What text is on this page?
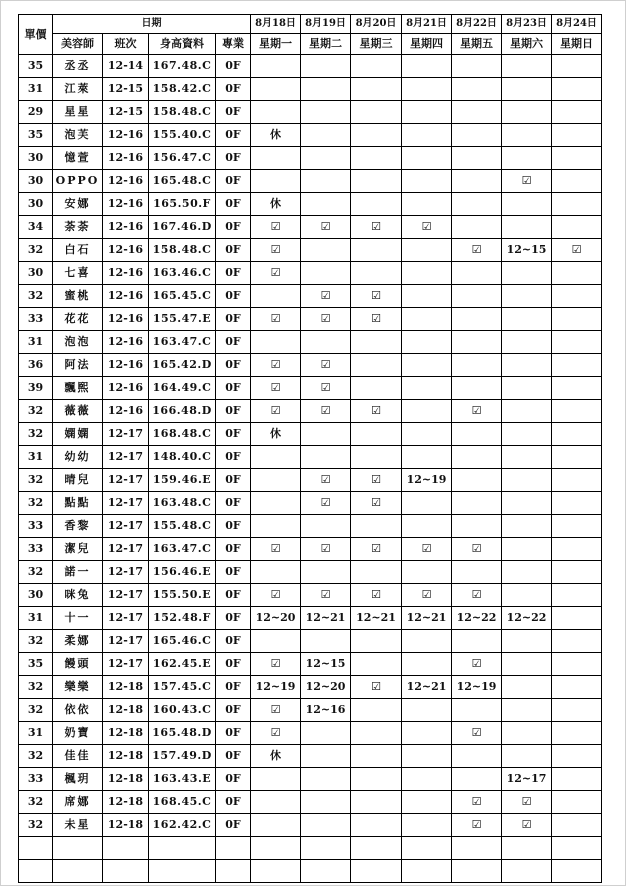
單價	日期				8月18日	8月19日	8月20日	8月21日	8月22日	8月23日	8月24日
	美容師	班次	身高資料	專業	星期一	星期二	星期三	星期四	星期五	星期六	星期日
35	丞丞	12-14	167.48.C	0F							
31	江萊	12-15	158.42.C	0F							
29	星星	12-15	158.48.C	0F							
35	泡芙	12-16	155.40.C	0F	休						
30	憶萱	12-16	156.47.C	0F							
30	OPPO	12-16	165.48.C	0F						☑	
30	安娜	12-16	165.50.F	0F	休						
34	荼荼	12-16	167.46.D	0F	☑	☑	☑	☑			
32	白石	12-16	158.48.C	0F	☑				☑	12~15	☑
30	七喜	12-16	163.46.C	0F	☑						
32	蜜桃	12-16	165.45.C	0F		☑	☑				
33	花花	12-16	155.47.E	0F	☑	☑	☑				
31	泡泡	12-16	163.47.C	0F							
36	阿法	12-16	165.42.D	0F	☑	☑					
39	飄煕	12-16	164.49.C	0F	☑	☑					
32	薇薇	12-16	166.48.D	0F	☑	☑	☑		☑		
32	嫻嫻	12-17	168.48.C	0F	休						
31	幼幼	12-17	148.40.C	0F							
32	晴兒	12-17	159.46.E	0F		☑	☑	12~19			
32	點點	12-17	163.48.C	0F		☑	☑				
33	香黎	12-17	155.48.C	0F							
33	潔兒	12-17	163.47.C	0F	☑	☑	☑	☑	☑		
32	諾一	12-17	156.46.E	0F							
30	咪兔	12-17	155.50.E	0F	☑	☑	☑	☑	☑		
31	十一	12-17	152.48.F	0F	12~20	12~21	12~21	12~21	12~22	12~22	
32	柔娜	12-17	165.46.C	0F							
35	饅頭	12-17	162.45.E	0F	☑	12~15			☑		
32	樂樂	12-18	157.45.C	0F	12~19	12~20	☑	12~21	12~19		
32	依依	12-18	160.43.C	0F	☑	12~16					
31	奶寶	12-18	165.48.D	0F	☑				☑		
32	佳佳	12-18	157.49.D	0F	休						
33	楓玥	12-18	163.43.E	0F						12~17	
32	席娜	12-18	168.45.C	0F					☑	☑	
32	未星	12-18	162.42.C	0F					☑	☑	
